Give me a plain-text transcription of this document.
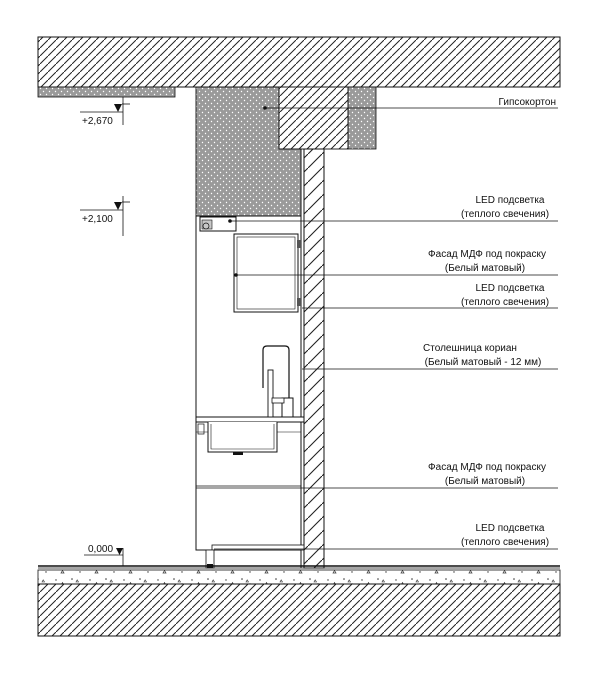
+2,670
+2,100
0,000
Гипсокортон
LED подсветка
(теплого свечения)
Фасад МДФ под покраску
(Белый матовый)
LED подсветка
(теплого свечения)
Столешница кориан
(Белый матовый - 12 мм)
Фасад МДФ под покраску
(Белый матовый)
LED подсветка
(теплого свечения)
